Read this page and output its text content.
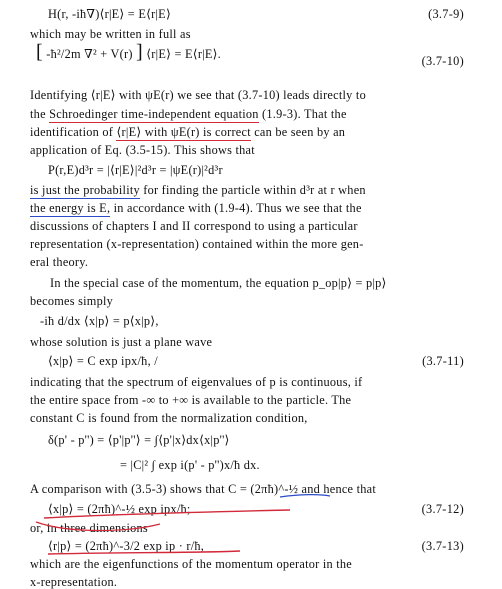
H(r, -iħ∇)⟨r|E⟩ = E⟨r|E⟩	(3.7-9)
which may be written in full as
[ -ħ²/2m ∇² + V(r) ] ⟨r|E⟩ = E⟨r|E⟩.	(3.7-10)
Identifying ⟨r|E⟩ with ψE(r) we see that (3.7-10) leads directly to
the Schroedinger time-independent equation (1.9-3). That the
identification of ⟨r|E⟩ with ψE(r) is correct can be seen by an
application of Eq. (3.5-15). This shows that
P(r,E)d³r = |⟨r|E⟩|²d³r = |ψE(r)|²d³r
is just the probability for finding the particle within d³r at r when
the energy is E, in accordance with (1.9-4). Thus we see that the
discussions of chapters I and II correspond to using a particular
representation (x-representation) contained within the more gen-
eral theory.
In the special case of the momentum, the equation p_op|p⟩ = p|p⟩
becomes simply
-iħ d/dx ⟨x|p⟩ = p⟨x|p⟩,
whose solution is just a plane wave
⟨x|p⟩ = C exp ipx/ħ, /	(3.7-11)
indicating that the spectrum of eigenvalues of p is continuous, if
the entire space from -∞ to +∞ is available to the particle. The
constant C is found from the normalization condition,
δ(p' - p'') = ⟨p'|p''⟩ = ∫⟨p'|x⟩dx⟨x|p''⟩
= |C|² ∫ exp i(p' - p'')x/ħ dx.
A comparison with (3.5-3) shows that C = (2πħ)^-½ and hence that
⟨x|p⟩ = (2πħ)^-½ exp ipx/ħ;	(3.7-12)
or, in three dimensions
⟨r|p⟩ = (2πħ)^-3/2 exp ip · r/ħ,	(3.7-13)
which are the eigenfunctions of the momentum operator in the
x-representation.
